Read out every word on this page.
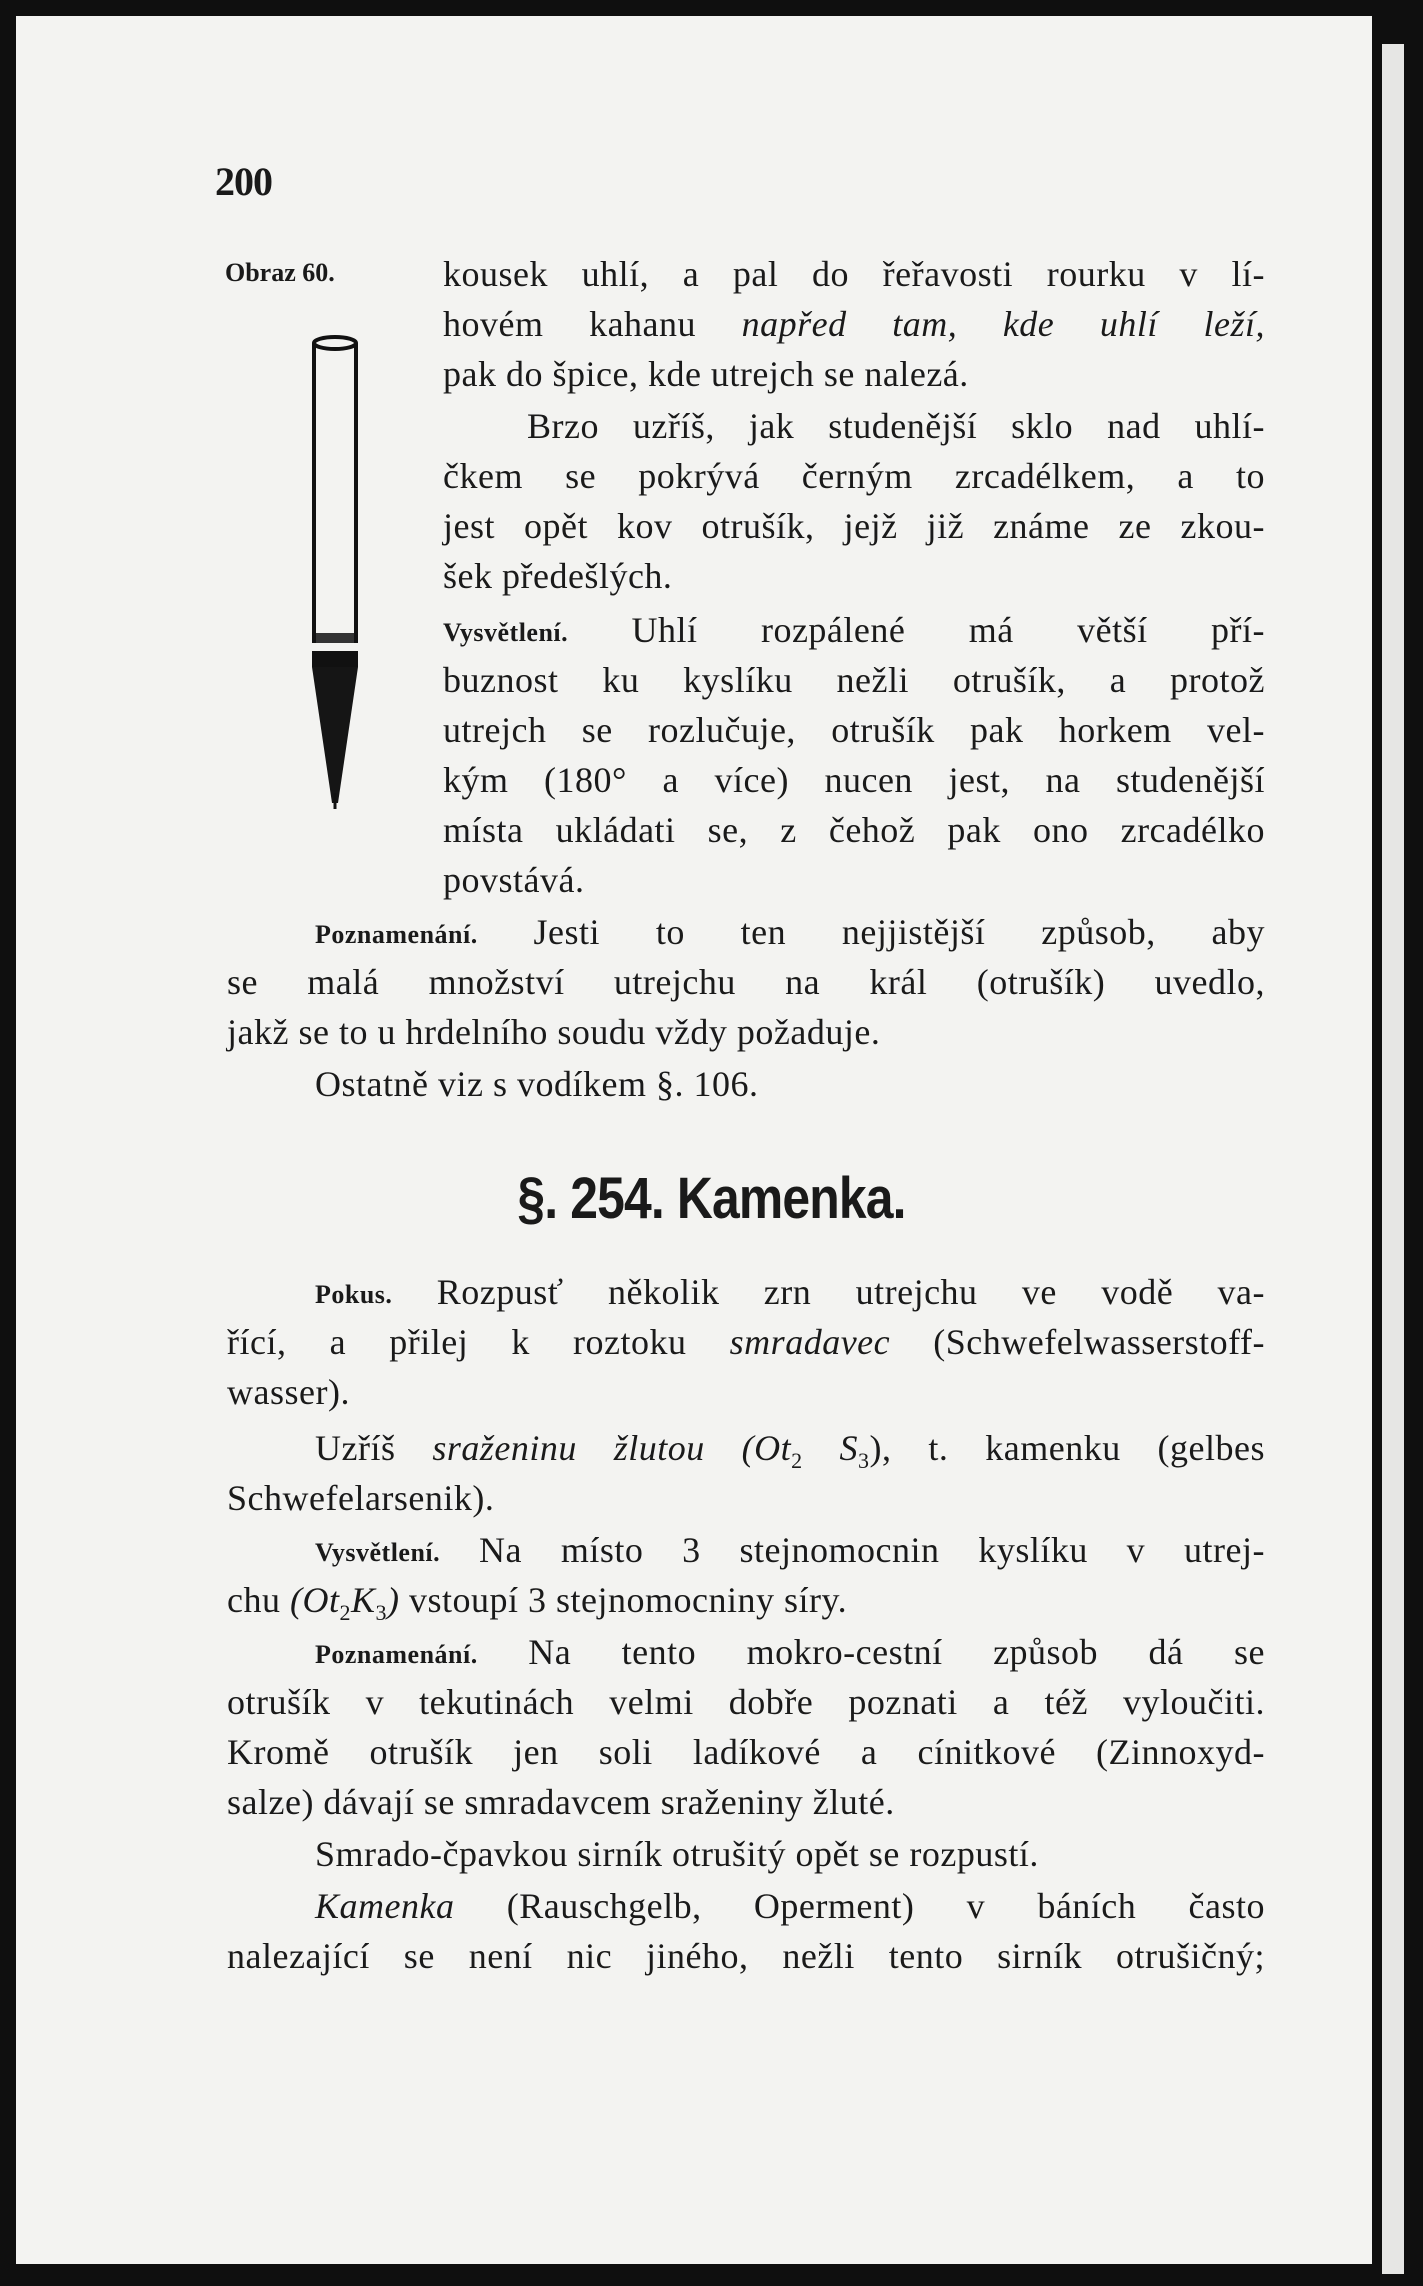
200
Obraz 60.	kousek uhlí, a pal do řeřavosti rourku v lí-
hovém kahanu napřed tam, kde uhlí leží,
pak do špice, kde utrejch se nalezá.
Brzo uzříš, jak studenější sklo nad uhlí-
čkem se pokrývá černým zrcadélkem, a to
jest opět kov otrušík, jejž již známe ze zkou-
šek předešlých.
Vysvětlení. Uhlí rozpálené má větší pří-
buznost ku kyslíku nežli otrušík, a protož
utrejch se rozlučuje, otrušík pak horkem vel-
kým (180° a více) nucen jest, na studenější
místa ukládati se, z čehož pak ono zrcadélko
povstává.
Poznamenání. Jesti to ten nejjistější způsob, aby
se malá množství utrejchu na král (otrušík) uvedlo,
jakž se to u hrdelního soudu vždy požaduje.
Ostatně viz s vodíkem §. 106.
§. 254. Kamenka.
Pokus. Rozpusť několik zrn utrejchu ve vodě va-
řící, a přilej k roztoku smradavec (Schwefelwasserstoff-
wasser).
Uzříš sraženinu žlutou ($Ot_2$ $S_3$), t. kamenku (gelbes
Schwefelarsenik).
Vysvětlení. Na místo 3 stejnomocnin kyslíku v utrej-
chu $(Ot_2K_3)$ vstoupí 3 stejnomocniny síry.
Poznamenání. Na tento mokro-cestní způsob dá se
otrušík v tekutinách velmi dobře poznati a též vyloučiti.
Kromě otrušík jen soli ladíkové a cínitkové (Zinnoxyd-
salze) dávají se smradavcem sraženiny žluté.
Smrado-čpavkou sirník otrušitý opět se rozpustí.
Kamenka (Rauschgelb, Operment) v báních často
nalezající se není nic jiného, nežli tento sirník otrušičný;
